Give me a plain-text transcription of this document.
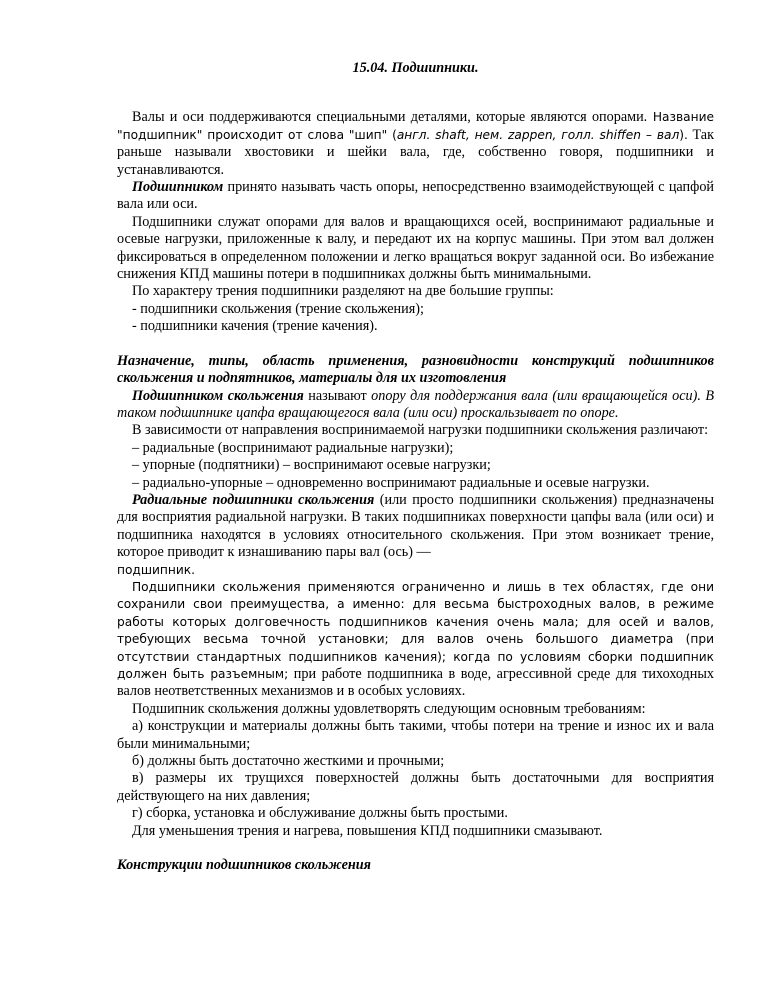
15.04. Подшипники.

Валы и оси поддерживаются специальными деталями, которые являются опорами. Название "подшипник" происходит от слова "шип" (англ. shaft, нем. zappen, голл. shiffen – вал). Так раньше называли хвостовики и шейки вала, где, собственно говоря, подшипники и устанавливаются.

Подшипником принято называть часть опоры, непосредственно взаимодействующей с цапфой вала или оси.

Подшипники служат опорами для валов и вращающихся осей, воспринимают радиальные и осевые нагрузки, приложенные к валу, и передают их на корпус машины. При этом вал должен фиксироваться в определенном положении и легко вращаться вокруг заданной оси. Во избежание снижения КПД машины потери в подшипниках должны быть минимальными.

По характеру трения подшипники разделяют на две большие группы:

- подшипники скольжения (трение скольжения);

- подшипники качения (трение качения).

Назначение, типы, область применения, разновидности конструкций подшипников скольжения и подпятников, материалы для их изготовления

Подшипником скольжения называют опору для поддержания вала (или вращающейся оси). В таком подшипнике цапфа вращающегося вала (или оси) проскальзывает по опоре.

В зависимости от направления воспринимаемой нагрузки подшипники скольжения различают:

– радиальные (воспринимают радиальные нагрузки);

– упорные (подпятники) – воспринимают осевые нагрузки;

– радиально-упорные – одновременно воспринимают радиальные и осевые нагрузки.

Радиальные подшипники скольжения (или просто подшипники скольжения) предназначены для восприятия радиальной нагрузки. В таких подшипниках поверхности цапфы вала (или оси) и подшипника находятся в условиях относительного скольжения. При этом возникает трение, которое приводит к изнашиванию пары вал (ось) —

подшипник.

Подшипники скольжения применяются ограниченно и лишь в тех областях, где они сохранили свои преимущества, а именно: для весьма быстроходных валов, в режиме работы которых долговечность подшипников качения очень мала; для осей и валов, требующих весьма точной установки; для валов очень большого диаметра (при отсутствии стандартных подшипников качения); когда по условиям сборки подшипник должен быть разъемным; при работе подшипника в воде, агрессивной среде для тихоходных валов неответственных механизмов и в особых условиях.

Подшипник скольжения должны удовлетворять следующим основным требованиям:

а) конструкции и материалы должны быть такими, чтобы потери на трение и износ их и вала были минимальными;

б) должны быть достаточно жесткими и прочными;

в) размеры их трущихся поверхностей должны быть достаточными для восприятия действующего на них давления;

г) сборка, установка и обслуживание должны быть простыми.

Для уменьшения трения и нагрева, повышения КПД подшипники смазывают.

Конструкции подшипников скольжения
